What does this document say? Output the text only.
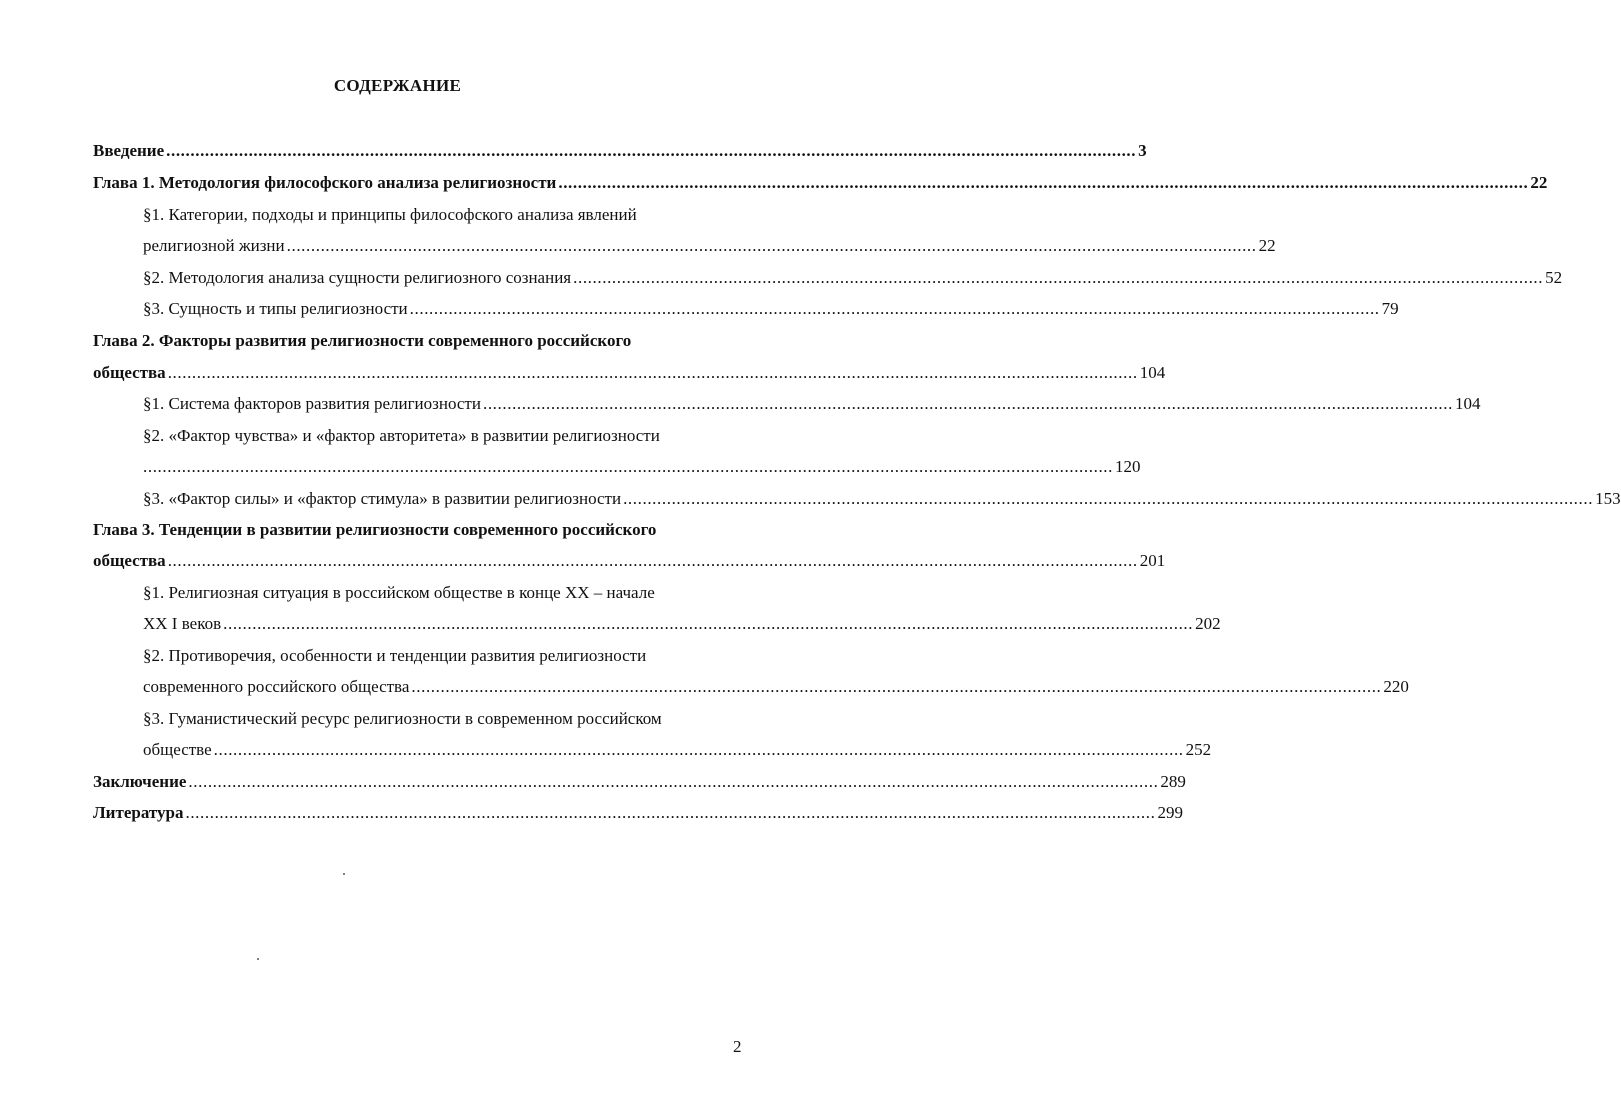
СОДЕРЖАНИЕ
Введение ........................................................................................................................................................................................................ 3
Глава 1. Методология философского анализа религиозности ........................................................................................................................................................................................................ 22
§1. Категории, подходы и принципы философского анализа явлений
религиозной жизни ........................................................................................................................................................................................................ 22
§2. Методология анализа сущности религиозного сознания ........................................................................................................................................................................................................ 52
§3. Сущность и типы религиозности ........................................................................................................................................................................................................ 79
Глава 2. Факторы развития религиозности современного российского
общества ........................................................................................................................................................................................................ 104
§1. Система факторов развития религиозности ........................................................................................................................................................................................................ 104
§2. «Фактор чувства» и «фактор авторитета» в развитии религиозности
........................................................................................................................................................................................................ 120
§3. «Фактор силы» и «фактор стимула» в развитии религиозности ........................................................................................................................................................................................................ 153
Глава 3. Тенденции в развитии религиозности современного российского
общества ........................................................................................................................................................................................................ 201
§1. Религиозная ситуация в российском обществе в конце XX – начале
XX I веков ........................................................................................................................................................................................................ 202
§2. Противоречия, особенности и тенденции развития религиозности
современного российского общества ........................................................................................................................................................................................................ 220
§3. Гуманистический ресурс религиозности в современном российском
обществе ........................................................................................................................................................................................................ 252
Заключение ........................................................................................................................................................................................................ 289
Литература ........................................................................................................................................................................................................ 299
2
